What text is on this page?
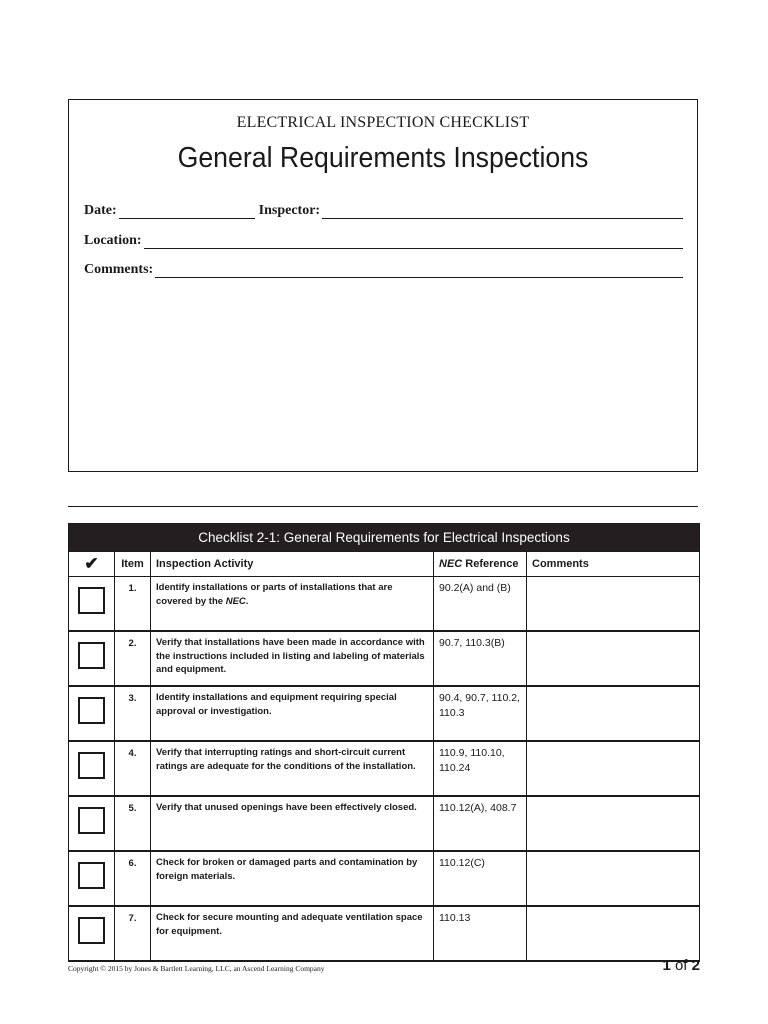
ELECTRICAL INSPECTION CHECKLIST
General Requirements Inspections
Date:	Inspector:
Location:
Comments:
Checklist 2-1: General Requirements for Electrical Inspections				
✔	Item	Inspection Activity	NEC Reference	Comments
	1.	Identify installations or parts of installations that are covered by the NEC.	90.2(A) and (B)	
	2.	Verify that installations have been made in accordance with the instructions included in listing and labeling of materials and equipment.	90.7, 110.3(B)	
	3.	Identify installations and equipment requiring special approval or investigation.	90.4, 90.7, 110.2, 110.3	
	4.	Verify that interrupting ratings and short-circuit current ratings are adequate for the conditions of the installation.	110.9, 110.10, 110.24	
	5.	Verify that unused openings have been effectively closed.	110.12(A), 408.7	
	6.	Check for broken or damaged parts and contamination by foreign materials.	110.12(C)	
	7.	Check for secure mounting and adequate ventilation space for equipment.	110.13	
Copyright © 2015 by Jones & Bartlett Learning, LLC, an Ascend Learning Company	1 of 2
